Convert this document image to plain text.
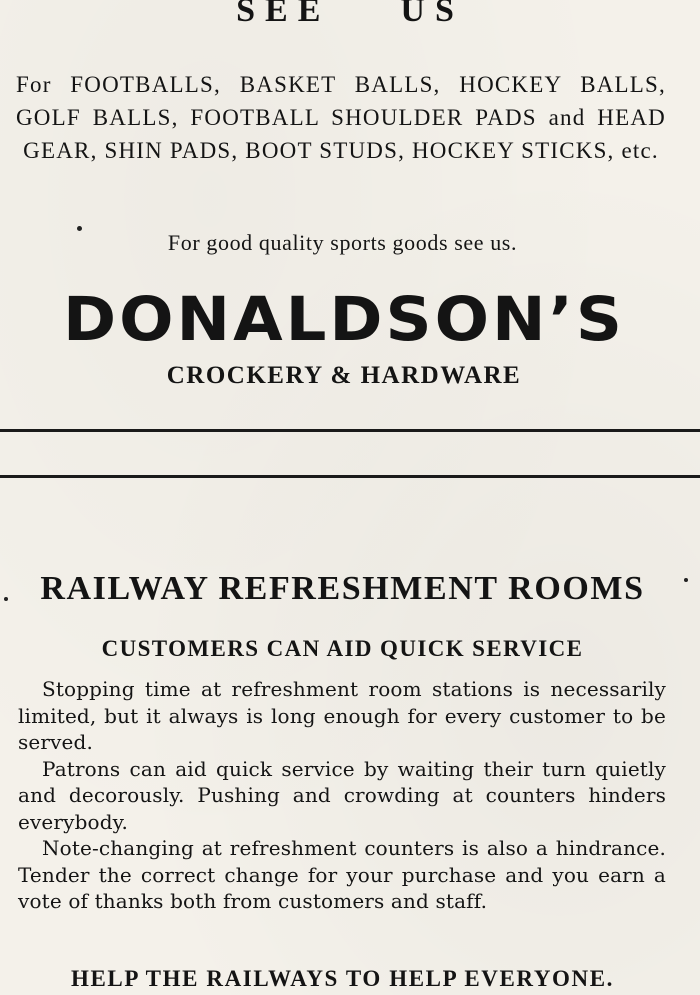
SEE US

For FOOTBALLS, BASKET BALLS, HOCKEY BALLS, GOLF BALLS, FOOTBALL SHOULDER PADS and HEAD GEAR, SHIN PADS, BOOT STUDS, HOCKEY STICKS, etc.

For good quality sports goods see us.

DONALDSON’S

CROCKERY & HARDWARE

RAILWAY REFRESHMENT ROOMS
CUSTOMERS CAN AID QUICK SERVICE

Stopping time at refreshment room stations is necessarily limited, but it always is long enough for every customer to be served.

Patrons can aid quick service by waiting their turn quietly and decorously. Pushing and crowding at counters hinders everybody.

Note-changing at refreshment counters is also a hindrance. Tender the correct change for your purchase and you earn a vote of thanks both from customers and staff.

HELP THE RAILWAYS TO HELP EVERYONE.
